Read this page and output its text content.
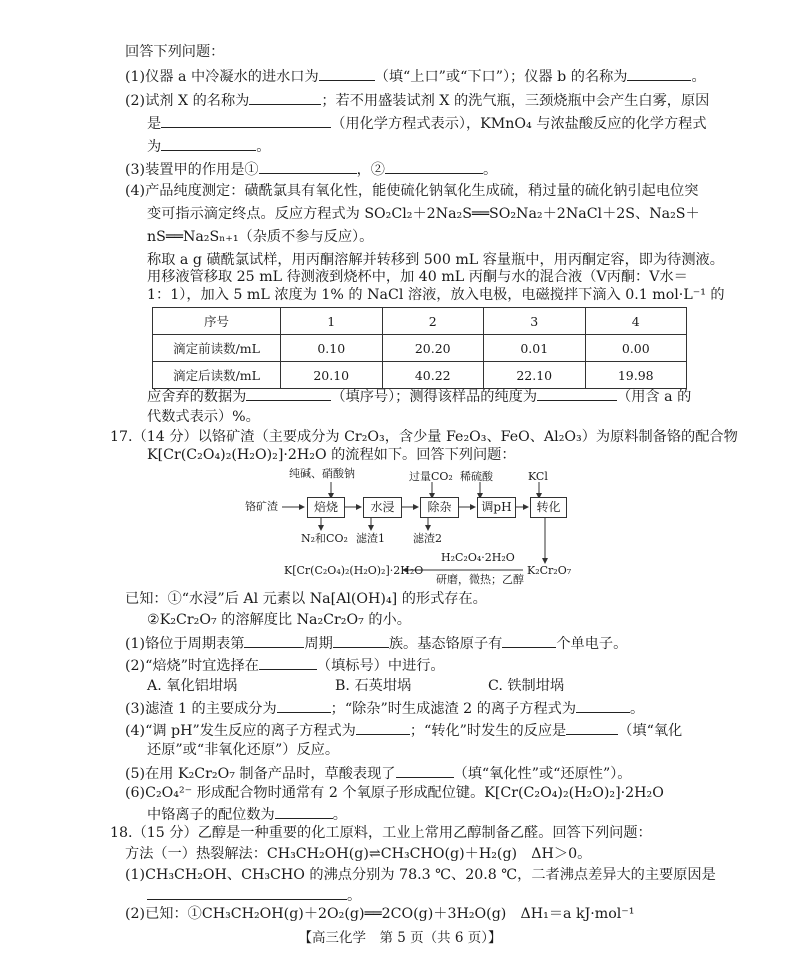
回答下列问题：
(1)仪器 a 中冷凝水的进水口为	（填“上口”或“下口”）；仪器 b 的名称为	。
(2)试剂 X 的名称为	；若不用盛装试剂 X 的洗气瓶，三颈烧瓶中会产生白雾，原因
是	（用化学方程式表示），KMnO₄ 与浓盐酸反应的化学方程式
为	。
(3)装置甲的作用是①	，②	。
(4)产品纯度测定：磺酰氯具有氧化性，能使硫化钠氧化生成硫，稍过量的硫化钠引起电位突
变可指示滴定终点。反应方程式为 SO₂Cl₂＋2Na₂S══SO₂Na₂＋2NaCl＋2S、Na₂S＋
nS══Na₂Sₙ₊₁（杂质不参与反应）。
称取 a g 磺酰氯试样，用丙酮溶解并转移到 500 mL 容量瓶中，用丙酮定容，即为待测液。
用移液管移取 25 mL 待测液到烧杯中，加 40 mL 丙酮与水的混合液（V丙酮：V水＝
1：1），加入 5 mL 浓度为 1% 的 NaCl 溶液，放入电极，电磁搅拌下滴入 0.1 mol·L⁻¹ 的
序号	1	2	3	4
滴定前读数/mL	0.10	20.20	0.01	0.00
滴定后读数/mL	20.10	40.22	22.10	19.98
应舍弃的数据为	（填序号）；测得该样品的纯度为	（用含 a 的
代数式表示）%。
17.（14 分）以铬矿渣（主要成分为 Cr₂O₃，含少量 Fe₂O₃、FeO、Al₂O₃）为原料制备铬的配合物
K[Cr(C₂O₄)₂(H₂O)₂]·2H₂O 的流程如下。回答下列问题：
铬矿渣	焙烧	水浸	除杂	调pH	转化
纯碱、硝酸钠	过量CO₂ 稀硫酸	KCl
N₂和CO₂ 滤渣1	滤渣2
K[Cr(C₂O₄)₂(H₂O)₂]·2H₂O
H₂C₂O₄·2H₂O
研磨，微热；乙醇
K₂Cr₂O₇
已知：①“水浸”后 Al 元素以 Na[Al(OH)₄] 的形式存在。
②K₂Cr₂O₇ 的溶解度比 Na₂Cr₂O₇ 的小。
(1)铬位于周期表第	周期	族。基态铬原子有	个单电子。
(2)“焙烧”时宜选择在	（填标号）中进行。
A. 氧化铝坩埚	B. 石英坩埚	C. 铁制坩埚
(3)滤渣 1 的主要成分为	；“除杂”时生成滤渣 2 的离子方程式为	。
(4)“调 pH”发生反应的离子方程式为	；“转化”时发生的反应是	（填“氧化
还原”或“非氧化还原”）反应。
(5)在用 K₂Cr₂O₇ 制备产品时，草酸表现了	（填“氧化性”或“还原性”）。
(6)C₂O₄²⁻ 形成配合物时通常有 2 个氧原子形成配位键。K[Cr(C₂O₄)₂(H₂O)₂]·2H₂O
中铬离子的配位数为	。
18.（15 分）乙醇是一种重要的化工原料，工业上常用乙醇制备乙醛。回答下列问题：
方法（一）热裂解法：CH₃CH₂OH(g)⇌CH₃CHO(g)＋H₂(g)　ΔH＞0。
(1)CH₃CH₂OH、CH₃CHO 的沸点分别为 78.3 ℃、20.8 ℃，二者沸点差异大的主要原因是
。
(2)已知：①CH₃CH₂OH(g)＋2O₂(g)══2CO(g)＋3H₂O(g)　ΔH₁＝a kJ·mol⁻¹
【高三化学　第 5 页（共 6 页）】
